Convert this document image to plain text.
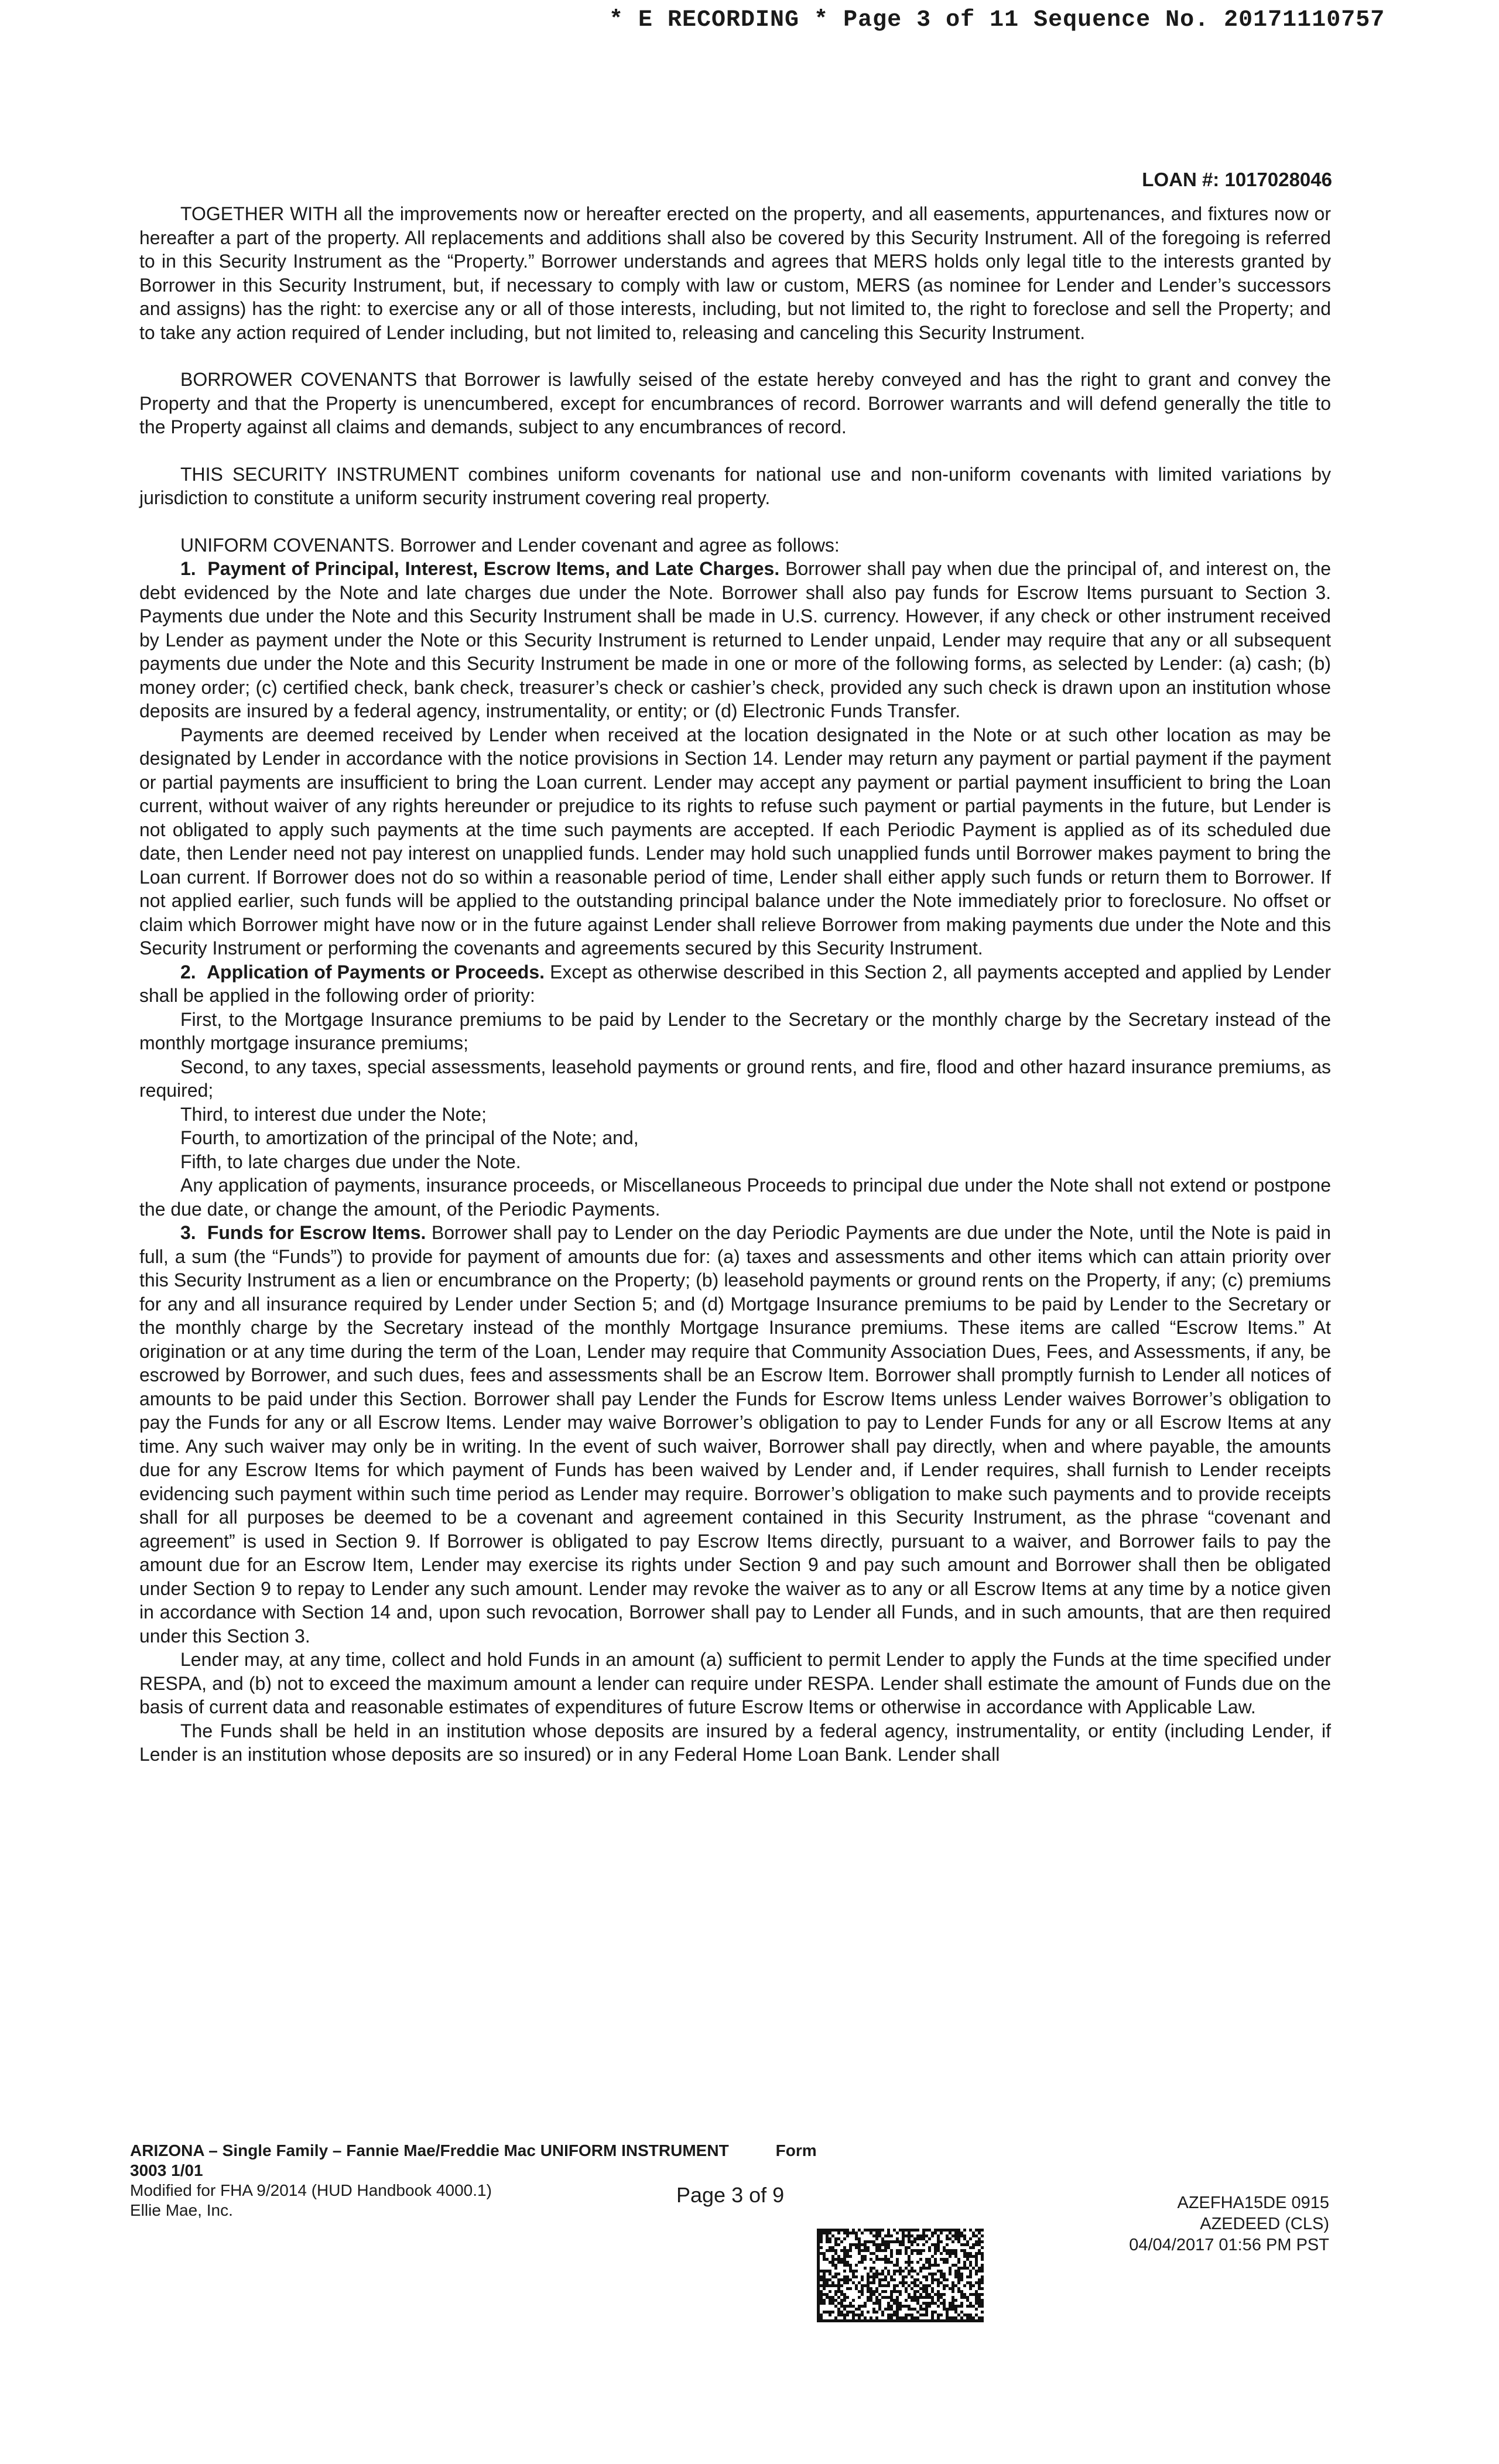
* E RECORDING * Page 3 of 11 Sequence No. 20171110757
LOAN #: 1017028046

TOGETHER WITH all the improvements now or hereafter erected on the property, and all easements, appurtenances, and fixtures now or hereafter a part of the property. All replacements and additions shall also be covered by this Security Instrument. All of the foregoing is referred to in this Security Instrument as the “Property.” Borrower understands and agrees that MERS holds only legal title to the interests granted by Borrower in this Security Instrument, but, if necessary to comply with law or custom, MERS (as nominee for Lender and Lender’s successors and assigns) has the right: to exercise any or all of those interests, including, but not limited to, the right to foreclose and sell the Property; and to take any action required of Lender including, but not limited to, releasing and canceling this Security Instrument.

BORROWER COVENANTS that Borrower is lawfully seised of the estate hereby conveyed and has the right to grant and convey the Property and that the Property is unencumbered, except for encumbrances of record. Borrower warrants and will defend generally the title to the Property against all claims and demands, subject to any encumbrances of record.

THIS SECURITY INSTRUMENT combines uniform covenants for national use and non-uniform covenants with limited variations by jurisdiction to constitute a uniform security instrument covering real property.

UNIFORM COVENANTS. Borrower and Lender covenant and agree as follows:

1. Payment of Principal, Interest, Escrow Items, and Late Charges. Borrower shall pay when due the principal of, and interest on, the debt evidenced by the Note and late charges due under the Note. Borrower shall also pay funds for Escrow Items pursuant to Section 3. Payments due under the Note and this Security Instrument shall be made in U.S. currency. However, if any check or other instrument received by Lender as payment under the Note or this Security Instrument is returned to Lender unpaid, Lender may require that any or all subsequent payments due under the Note and this Security Instrument be made in one or more of the following forms, as selected by Lender: (a) cash; (b) money order; (c) certified check, bank check, treasurer’s check or cashier’s check, provided any such check is drawn upon an institution whose deposits are insured by a federal agency, instrumentality, or entity; or (d) Electronic Funds Transfer.

Payments are deemed received by Lender when received at the location designated in the Note or at such other location as may be designated by Lender in accordance with the notice provisions in Section 14. Lender may return any payment or partial payment if the payment or partial payments are insufficient to bring the Loan current. Lender may accept any payment or partial payment insufficient to bring the Loan current, without waiver of any rights hereunder or prejudice to its rights to refuse such payment or partial payments in the future, but Lender is not obligated to apply such payments at the time such payments are accepted. If each Periodic Payment is applied as of its scheduled due date, then Lender need not pay interest on unapplied funds. Lender may hold such unapplied funds until Borrower makes payment to bring the Loan current. If Borrower does not do so within a reasonable period of time, Lender shall either apply such funds or return them to Borrower. If not applied earlier, such funds will be applied to the outstanding principal balance under the Note immediately prior to foreclosure. No offset or claim which Borrower might have now or in the future against Lender shall relieve Borrower from making payments due under the Note and this Security Instrument or performing the covenants and agreements secured by this Security Instrument.

2. Application of Payments or Proceeds. Except as otherwise described in this Section 2, all payments accepted and applied by Lender shall be applied in the following order of priority:

First, to the Mortgage Insurance premiums to be paid by Lender to the Secretary or the monthly charge by the Secretary instead of the monthly mortgage insurance premiums;

Second, to any taxes, special assessments, leasehold payments or ground rents, and fire, flood and other hazard insurance premiums, as required;

Third, to interest due under the Note;

Fourth, to amortization of the principal of the Note; and,

Fifth, to late charges due under the Note.

Any application of payments, insurance proceeds, or Miscellaneous Proceeds to principal due under the Note shall not extend or postpone the due date, or change the amount, of the Periodic Payments.

3. Funds for Escrow Items. Borrower shall pay to Lender on the day Periodic Payments are due under the Note, until the Note is paid in full, a sum (the “Funds”) to provide for payment of amounts due for: (a) taxes and assessments and other items which can attain priority over this Security Instrument as a lien or encumbrance on the Property; (b) leasehold payments or ground rents on the Property, if any; (c) premiums for any and all insurance required by Lender under Section 5; and (d) Mortgage Insurance premiums to be paid by Lender to the Secretary or the monthly charge by the Secretary instead of the monthly Mortgage Insurance premiums. These items are called “Escrow Items.” At origination or at any time during the term of the Loan, Lender may require that Community Association Dues, Fees, and Assessments, if any, be escrowed by Borrower, and such dues, fees and assessments shall be an Escrow Item. Borrower shall promptly furnish to Lender all notices of amounts to be paid under this Section. Borrower shall pay Lender the Funds for Escrow Items unless Lender waives Borrower’s obligation to pay the Funds for any or all Escrow Items. Lender may waive Borrower’s obligation to pay to Lender Funds for any or all Escrow Items at any time. Any such waiver may only be in writing. In the event of such waiver, Borrower shall pay directly, when and where payable, the amounts due for any Escrow Items for which payment of Funds has been waived by Lender and, if Lender requires, shall furnish to Lender receipts evidencing such payment within such time period as Lender may require. Borrower’s obligation to make such payments and to provide receipts shall for all purposes be deemed to be a covenant and agreement contained in this Security Instrument, as the phrase “covenant and agreement” is used in Section 9. If Borrower is obligated to pay Escrow Items directly, pursuant to a waiver, and Borrower fails to pay the amount due for an Escrow Item, Lender may exercise its rights under Section 9 and pay such amount and Borrower shall then be obligated under Section 9 to repay to Lender any such amount. Lender may revoke the waiver as to any or all Escrow Items at any time by a notice given in accordance with Section 14 and, upon such revocation, Borrower shall pay to Lender all Funds, and in such amounts, that are then required under this Section 3.

Lender may, at any time, collect and hold Funds in an amount (a) sufficient to permit Lender to apply the Funds at the time specified under RESPA, and (b) not to exceed the maximum amount a lender can require under RESPA. Lender shall estimate the amount of Funds due on the basis of current data and reasonable estimates of expenditures of future Escrow Items or otherwise in accordance with Applicable Law.

The Funds shall be held in an institution whose deposits are insured by a federal agency, instrumentality, or entity (including Lender, if Lender is an institution whose deposits are so insured) or in any Federal Home Loan Bank. Lender shall

ARIZONA – Single Family – Fannie Mae/Freddie Mac UNIFORM INSTRUMENT	Form 3003 1/01
Modified for FHA 9/2014 (HUD Handbook 4000.1)
Ellie Mae, Inc.
Page 3 of 9	AZEFHA15DE 0915
AZEDEED (CLS)
04/04/2017 01:56 PM PST
